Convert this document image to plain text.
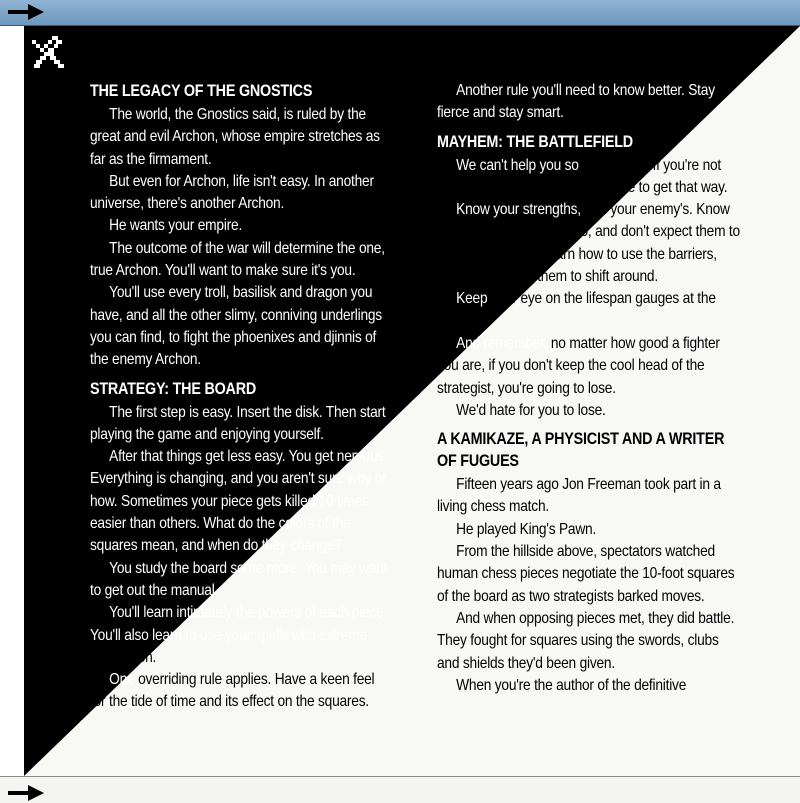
THE LEGACY OF THE GNOSTICS

The world, the Gnostics said, is ruled by the great and evil Archon, whose empire stretches as far as the firmament.

But even for Archon, life isn't easy. In another universe, there's another Archon.

He wants your empire.

The outcome of the war will determine the one, true Archon. You'll want to make sure it's you.

You'll use every troll, basilisk and dragon you have, and all the other slimy, conniving underlings you can find, to fight the phoenixes and djinnis of the enemy Archon.

STRATEGY: THE BOARD

The first step is easy. Insert the disk. Then start playing the game and enjoying yourself.

After that things get less easy. You get nervous. Everything is changing, and you aren't sure why or how. Sometimes your piece gets killed 10 times easier than others. What do the colors of the squares mean, and when do they change?

You study the board some more. You may want to get out the manual.

You'll learn intimately the powers of each piece. You'll also learn to use your spells with extreme calculation.

One overriding rule applies. Have a keen feel for the tide of time and its effect on the squares.

Another rule you'll need to know better. Stay fierce and stay smart.

MAYHEM: THE BATTLEFIELD

We can't help you so much here. If you're not fast and ferocious, you'll just have to get that way.

Know your strengths, and your enemy's. Know what the weapons can do, and don't expect them to do anything else. Learn how to use the barriers, and be ready for them to shift around.

Keep your eye on the lifespan gauges at the sides.

And remember, no matter how good a fighter you are, if you don't keep the cool head of the strategist, you're going to lose.

We'd hate for you to lose.

A KAMIKAZE, A PHYSICIST AND A WRITER OF FUGUES

Fifteen years ago Jon Freeman took part in a living chess match.

He played King's Pawn.

From the hillside above, spectators watched human chess pieces negotiate the 10-foot squares of the board as two strategists barked moves.

And when opposing pieces met, they did battle. They fought for squares using the swords, clubs and shields they'd been given.

When you're the author of the definitive
